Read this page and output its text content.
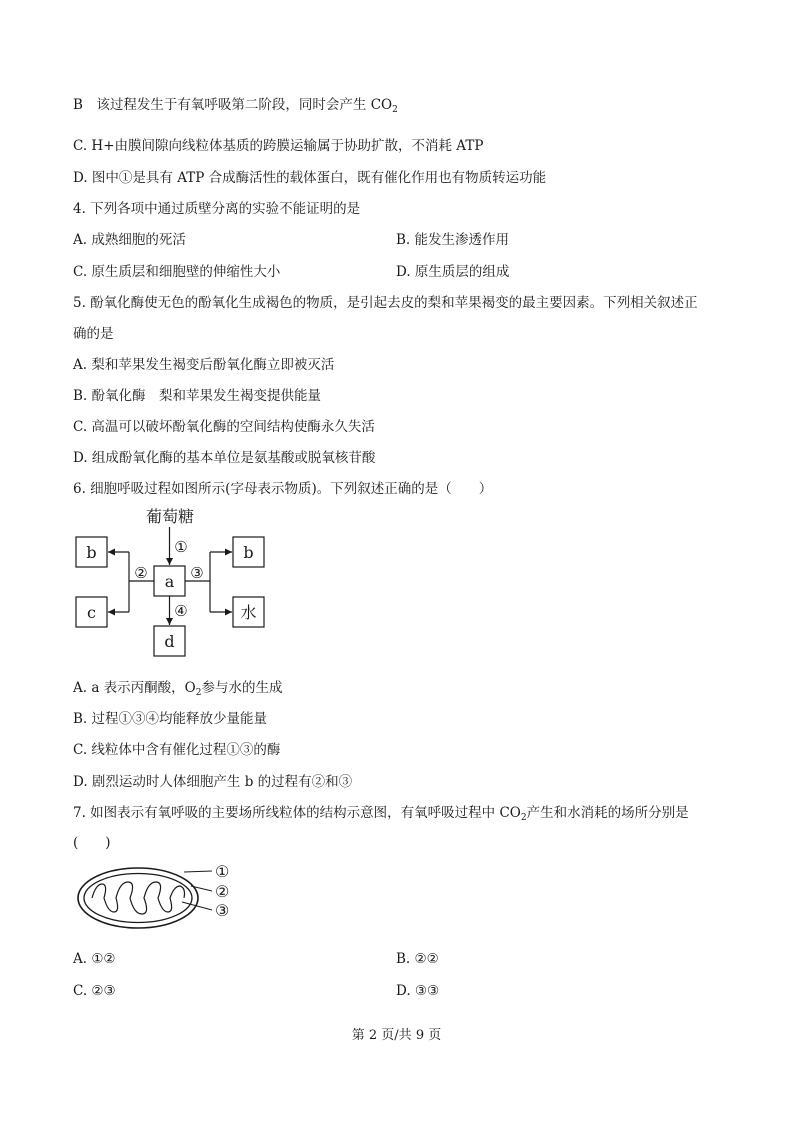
B　该过程发生于有氧呼吸第二阶段，同时会产生 $CO_2$
C. H+由膜间隙向线粒体基质的跨膜运输属于协助扩散，不消耗 ATP
D. 图中①是具有 ATP 合成酶活性的载体蛋白，既有催化作用也有物质转运功能
4. 下列各项中通过质壁分离的实验不能证明的是
A. 成熟细胞的死活	B. 能发生渗透作用
C. 原生质层和细胞壁的伸缩性大小	D. 原生质层的组成
5. 酚氧化酶使无色的酚氧化生成褐色的物质，是引起去皮的梨和苹果褐变的最主要因素。下列相关叙述正
确的是
A. 梨和苹果发生褐变后酚氧化酶立即被灭活
B. 酚氧化酶　梨和苹果发生褐变提供能量
C. 高温可以破坏酚氧化酶的空间结构使酶永久失活
D. 组成酚氧化酶的基本单位是氨基酸或脱氧核苷酸
6. 细胞呼吸过程如图所示(字母表示物质)。下列叙述正确的是（　　）
葡萄糖
①
②	③
④
b
c
a
b
水
d
A. a 表示丙酮酸，$O_2$参与水的生成
B. 过程①③④均能释放少量能量
C. 线粒体中含有催化过程①③的酶
D. 剧烈运动时人体细胞产生 b 的过程有②和③
7. 如图表示有氧呼吸的主要场所线粒体的结构示意图，有氧呼吸过程中 $CO_2$产生和水消耗的场所分别是
(　　)
①
②
③
A. ①②	B. ②②
C. ②③	D. ③③
第 2 页/共 9 页
